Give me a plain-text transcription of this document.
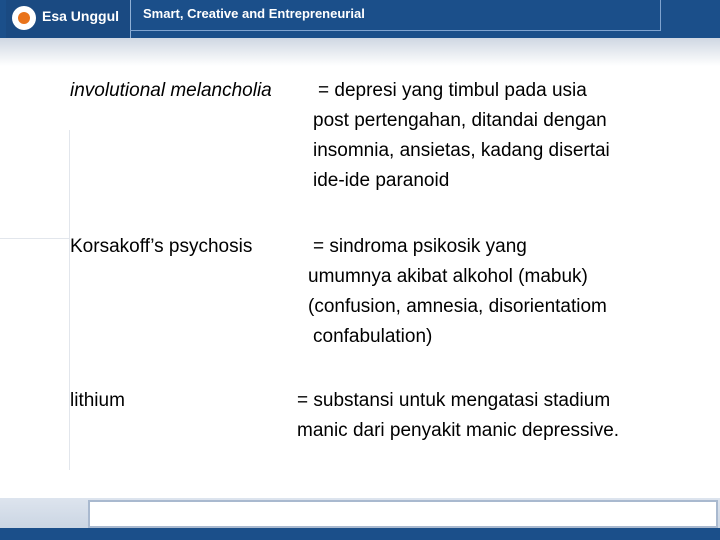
Esa Unggul Smart, Creative and Entrepreneurial
involutional melancholia = depresi yang timbul pada usia
post pertengahan, ditandai dengan
insomnia, ansietas, kadang disertai
ide-ide paranoid
Korsakoff’s psychosis	= sindroma psikosik yang
umumnya akibat alkohol (mabuk)
(confusion, amnesia, disorientatiom
confabulation)
lithium	= substansi untuk mengatasi stadium
manic dari penyakit manic depressive.
